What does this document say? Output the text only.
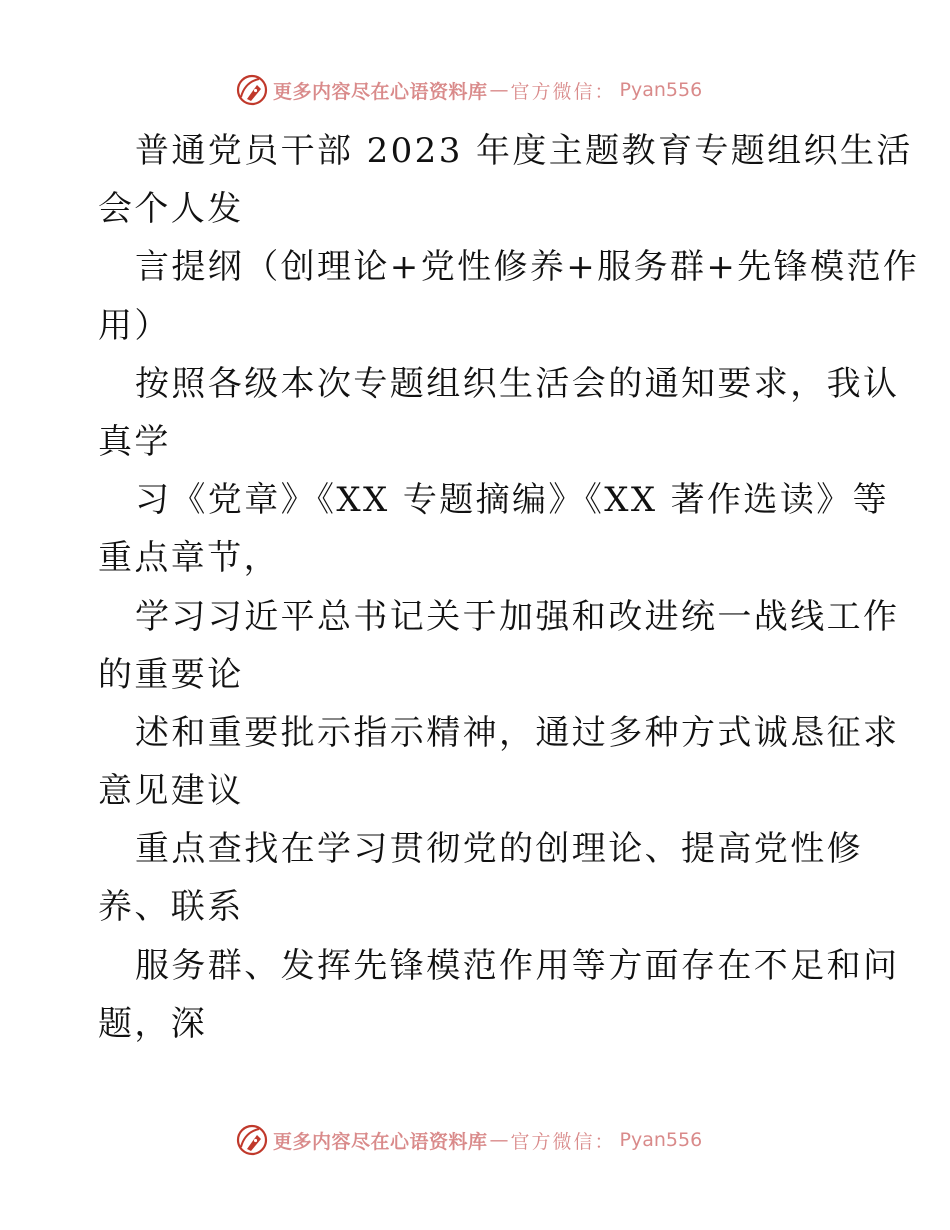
更多内容尽在心语资料库 — 官方微信： Pyan556
普通党员干部 2023 年度主题教育专题组织生活
会个人发
言提纲（创理论+党性修养+服务群+先锋模范作
用）
按照各级本次专题组织生活会的通知要求，我认
真学
习《党章》《XX 专题摘编》《XX 著作选读》等
重点章节，
学习习近平总书记关于加强和改进统一战线工作
的重要论
述和重要批示指示精神，通过多种方式诚恳征求
意见建议
重点查找在学习贯彻党的创理论、提高党性修
养、联系
服务群、发挥先锋模范作用等方面存在不足和问
题，深
更多内容尽在心语资料库 — 官方微信： Pyan556
